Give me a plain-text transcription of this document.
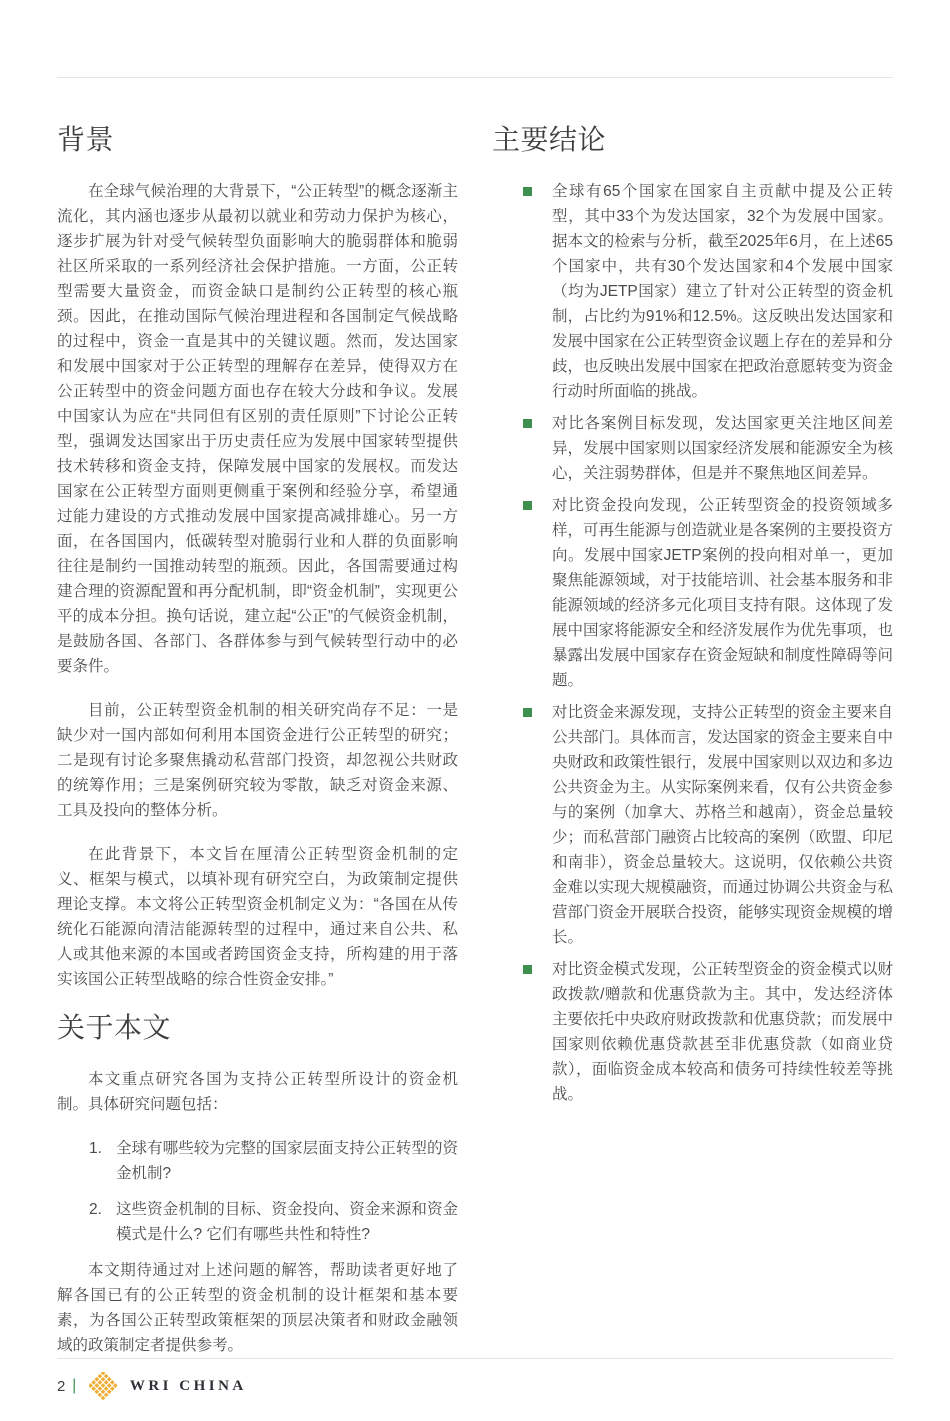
背景

在全球气候治理的大背景下，“公正转型”的概念逐渐主流化，其内涵也逐步从最初以就业和劳动力保护为核心，逐步扩展为针对受气候转型负面影响大的脆弱群体和脆弱社区所采取的一系列经济社会保护措施。一方面，公正转型需要大量资金，而资金缺口是制约公正转型的核心瓶颈。因此，在推动国际气候治理进程和各国制定气候战略的过程中，资金一直是其中的关键议题。然而，发达国家和发展中国家对于公正转型的理解存在差异，使得双方在公正转型中的资金问题方面也存在较大分歧和争议。发展中国家认为应在“共同但有区别的责任原则”下讨论公正转型，强调发达国家出于历史责任应为发展中国家转型提供技术转移和资金支持，保障发展中国家的发展权。而发达国家在公正转型方面则更侧重于案例和经验分享，希望通过能力建设的方式推动发展中国家提高减排雄心。另一方面，在各国国内，低碳转型对脆弱行业和人群的负面影响往往是制约一国推动转型的瓶颈。因此，各国需要通过构建合理的资源配置和再分配机制，即“资金机制”，实现更公平的成本分担。换句话说，建立起“公正”的气候资金机制，是鼓励各国、各部门、各群体参与到气候转型行动中的必要条件。

目前，公正转型资金机制的相关研究尚存不足：一是缺少对一国内部如何利用本国资金进行公正转型的研究；二是现有讨论多聚焦撬动私营部门投资，却忽视公共财政的统筹作用；三是案例研究较为零散，缺乏对资金来源、工具及投向的整体分析。

在此背景下，本文旨在厘清公正转型资金机制的定义、框架与模式，以填补现有研究空白，为政策制定提供理论支撑。本文将公正转型资金机制定义为：“各国在从传统化石能源向清洁能源转型的过程中，通过来自公共、私人或其他来源的本国或者跨国资金支持，所构建的用于落实该国公正转型战略的综合性资金安排。”

关于本文

本文重点研究各国为支持公正转型所设计的资金机制。具体研究问题包括：

1. 全球有哪些较为完整的国家层面支持公正转型的资金机制?
2. 这些资金机制的目标、资金投向、资金来源和资金模式是什么? 它们有哪些共性和特性?

本文期待通过对上述问题的解答，帮助读者更好地了解各国已有的公正转型的资金机制的设计框架和基本要素，为各国公正转型政策框架的顶层决策者和财政金融领域的政策制定者提供参考。

主要结论
全球有65个国家在国家自主贡献中提及公正转型，其中33个为发达国家，32个为发展中国家。据本文的检索与分析，截至2025年6月，在上述65个国家中，共有30个发达国家和4个发展中国家（均为JETP国家）建立了针对公正转型的资金机制，占比约为91%和12.5%。这反映出发达国家和发展中国家在公正转型资金议题上存在的差异和分歧，也反映出发展中国家在把政治意愿转变为资金行动时所面临的挑战。
对比各案例目标发现，发达国家更关注地区间差异，发展中国家则以国家经济发展和能源安全为核心，关注弱势群体，但是并不聚焦地区间差异。
对比资金投向发现，公正转型资金的投资领域多样，可再生能源与创造就业是各案例的主要投资方向。发展中国家JETP案例的投向相对单一，更加聚焦能源领域，对于技能培训、社会基本服务和非能源领域的经济多元化项目支持有限。这体现了发展中国家将能源安全和经济发展作为优先事项，也暴露出发展中国家存在资金短缺和制度性障碍等问题。
对比资金来源发现，支持公正转型的资金主要来自公共部门。具体而言，发达国家的资金主要来自中央财政和政策性银行，发展中国家则以双边和多边公共资金为主。从实际案例来看，仅有公共资金参与的案例（加拿大、苏格兰和越南），资金总量较少；而私营部门融资占比较高的案例（欧盟、印尼和南非），资金总量较大。这说明，仅依赖公共资金难以实现大规模融资，而通过协调公共资金与私营部门资金开展联合投资，能够实现资金规模的增长。
对比资金模式发现，公正转型资金的资金模式以财政拨款/赠款和优惠贷款为主。其中，发达经济体主要依托中央政府财政拨款和优惠贷款；而发展中国家则依赖优惠贷款甚至非优惠贷款（如商业贷款），面临资金成本较高和债务可持续性较差等挑战。
2 |	WRI CHINA
